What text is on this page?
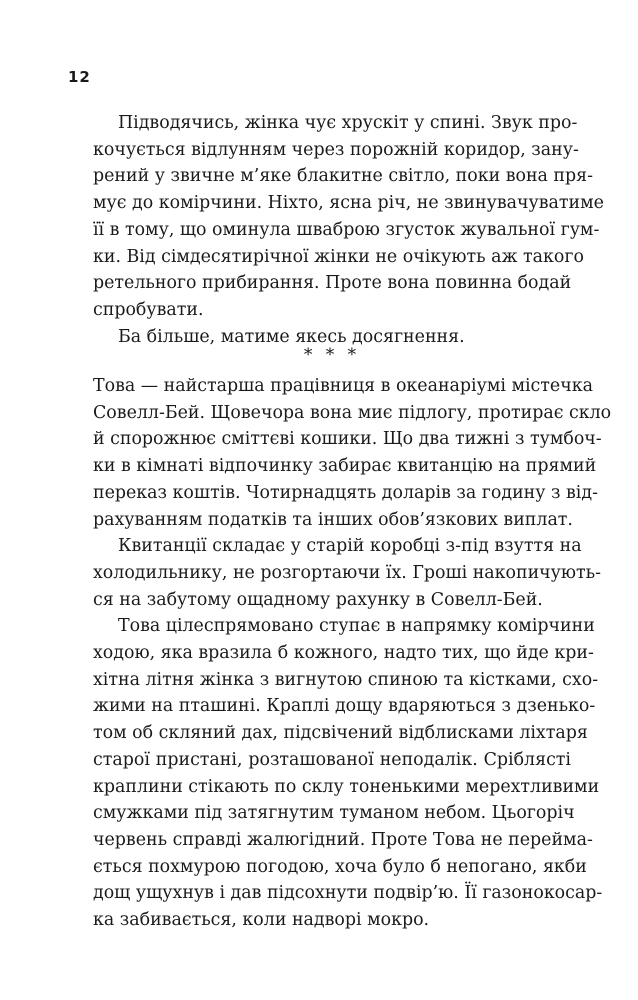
12
Підводячись, жінка чує хрускіт у спині. Звук про-
кочується відлунням через порожній коридор, зану-
рений у звичне м’яке блакитне світло, поки вона пря-
мує до комірчини. Ніхто, ясна річ, не звинувачуватиме
її в тому, що оминула шваброю згусток жувальної гум-
ки. Від сімдесятирічної жінки не очікують аж такого
ретельного прибирання. Проте вона повинна бодай
спробувати.
Ба більше, матиме якесь досягнення.
* * *
Това — найстарша працівниця в океанаріумі містечка
Совелл-Бей. Щовечора вона миє підлогу, протирає скло
й спорожнює сміттєві кошики. Що два тижні з тумбоч-
ки в кімнаті відпочинку забирає квитанцію на прямий
переказ коштів. Чотирнадцять доларів за годину з від-
рахуванням податків та інших обов’язкових виплат.
Квитанції складає у старій коробці з-під взуття на
холодильнику, не розгортаючи їх. Гроші накопичують-
ся на забутому ощадному рахунку в Совелл-Бей.
Това цілеспрямовано ступає в напрямку комірчини
ходою, яка вразила б кожного, надто тих, що йде кри-
хітна літня жінка з вигнутою спиною та кістками, схо-
жими на пташині. Краплі дощу вдаряються з дзенько-
том об скляний дах, підсвічений відблисками ліхтаря
старої пристані, розташованої неподалік. Сріблясті
краплини стікають по склу тоненькими мерехтливими
смужками під затягнутим туманом небом. Цьогоріч
червень справді жалюгідний. Проте Това не перейма-
ється похмурою погодою, хоча було б непогано, якби
дощ ущухнув і дав підсохнути подвір’ю. Її газонокосар-
ка забивається, коли надворі мокро.
